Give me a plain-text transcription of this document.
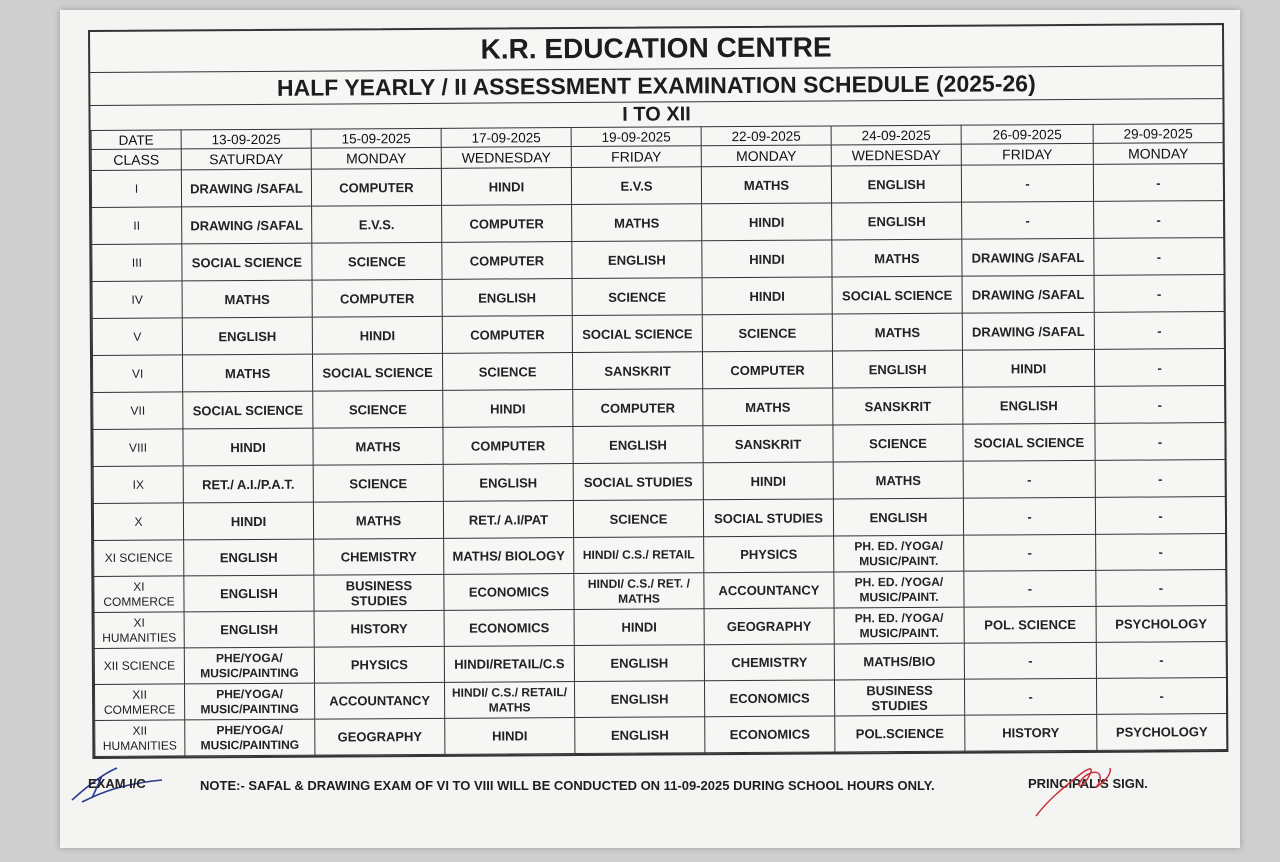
K.R. EDUCATION CENTRE
HALF YEARLY / II ASSESSMENT EXAMINATION SCHEDULE (2025-26)
I TO XII
DATE	13-09-2025	15-09-2025	17-09-2025	19-09-2025	22-09-2025	24-09-2025	26-09-2025	29-09-2025
CLASS	SATURDAY	MONDAY	WEDNESDAY	FRIDAY	MONDAY	WEDNESDAY	FRIDAY	MONDAY
I	DRAWING /SAFAL	COMPUTER	HINDI	E.V.S	MATHS	ENGLISH	-	-
II	DRAWING /SAFAL	E.V.S.	COMPUTER	MATHS	HINDI	ENGLISH	-	-
III	SOCIAL SCIENCE	SCIENCE	COMPUTER	ENGLISH	HINDI	MATHS	DRAWING /SAFAL	-
IV	MATHS	COMPUTER	ENGLISH	SCIENCE	HINDI	SOCIAL SCIENCE	DRAWING /SAFAL	-
V	ENGLISH	HINDI	COMPUTER	SOCIAL SCIENCE	SCIENCE	MATHS	DRAWING /SAFAL	-
VI	MATHS	SOCIAL SCIENCE	SCIENCE	SANSKRIT	COMPUTER	ENGLISH	HINDI	-
VII	SOCIAL SCIENCE	SCIENCE	HINDI	COMPUTER	MATHS	SANSKRIT	ENGLISH	-
VIII	HINDI	MATHS	COMPUTER	ENGLISH	SANSKRIT	SCIENCE	SOCIAL SCIENCE	-
IX	RET./ A.I./P.A.T.	SCIENCE	ENGLISH	SOCIAL STUDIES	HINDI	MATHS	-	-
X	HINDI	MATHS	RET./ A.I/PAT	SCIENCE	SOCIAL STUDIES	ENGLISH	-	-
XI SCIENCE	ENGLISH	CHEMISTRY	MATHS/ BIOLOGY	HINDI/ C.S./ RETAIL	PHYSICS	PH. ED. /YOGA/ MUSIC/PAINT.	-	-
XI COMMERCE	ENGLISH	BUSINESS STUDIES	ECONOMICS	HINDI/ C.S./ RET. / MATHS	ACCOUNTANCY	PH. ED. /YOGA/ MUSIC/PAINT.	-	-
XI HUMANITIES	ENGLISH	HISTORY	ECONOMICS	HINDI	GEOGRAPHY	PH. ED. /YOGA/ MUSIC/PAINT.	POL. SCIENCE	PSYCHOLOGY
XII SCIENCE	PHE/YOGA/ MUSIC/PAINTING	PHYSICS	HINDI/RETAIL/C.S	ENGLISH	CHEMISTRY	MATHS/BIO	-	-
XII COMMERCE	PHE/YOGA/ MUSIC/PAINTING	ACCOUNTANCY	HINDI/ C.S./ RETAIL/ MATHS	ENGLISH	ECONOMICS	BUSINESS STUDIES	-	-
XII HUMANITIES	PHE/YOGA/ MUSIC/PAINTING	GEOGRAPHY	HINDI	ENGLISH	ECONOMICS	POL.SCIENCE	HISTORY	PSYCHOLOGY
EXAM I/C	NOTE:- SAFAL & DRAWING EXAM OF VI TO VIII WILL BE CONDUCTED ON 11-09-2025 DURING SCHOOL HOURS ONLY.	PRINCIPAL'S SIGN.
